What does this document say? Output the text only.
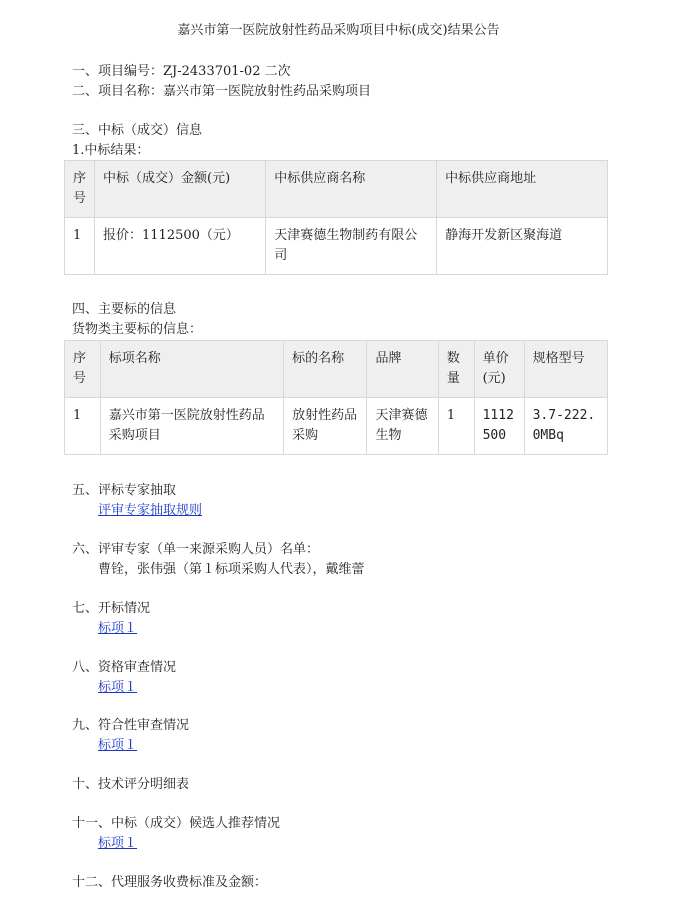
嘉兴市第一医院放射性药品采购项目中标(成交)结果公告
一、项目编号：ZJ-2433701-02 二次
二、项目名称：嘉兴市第一医院放射性药品采购项目
三、中标（成交）信息
1.中标结果：
序号	中标（成交）金额(元)	中标供应商名称	中标供应商地址
1	报价：1112500（元）	天津赛德生物制药有限公司	静海开发新区聚海道
四、主要标的信息
货物类主要标的信息：
序号	标项名称	标的名称	品牌	数量	单价(元)	规格型号
1	嘉兴市第一医院放射性药品采购项目	放射性药品采购	天津赛德生物	1	1112500	3.7-222.0MBq
五、评标专家抽取
评审专家抽取规则
六、评审专家（单一来源采购人员）名单：
曹铨，张伟强（第１标项采购人代表），戴维蕾
七、开标情况
标项１
八、资格审查情况
标项１
九、符合性审查情况
标项１
十、技术评分明细表
十一、中标（成交）候选人推荐情况
标项１
十二、代理服务收费标准及金额：
